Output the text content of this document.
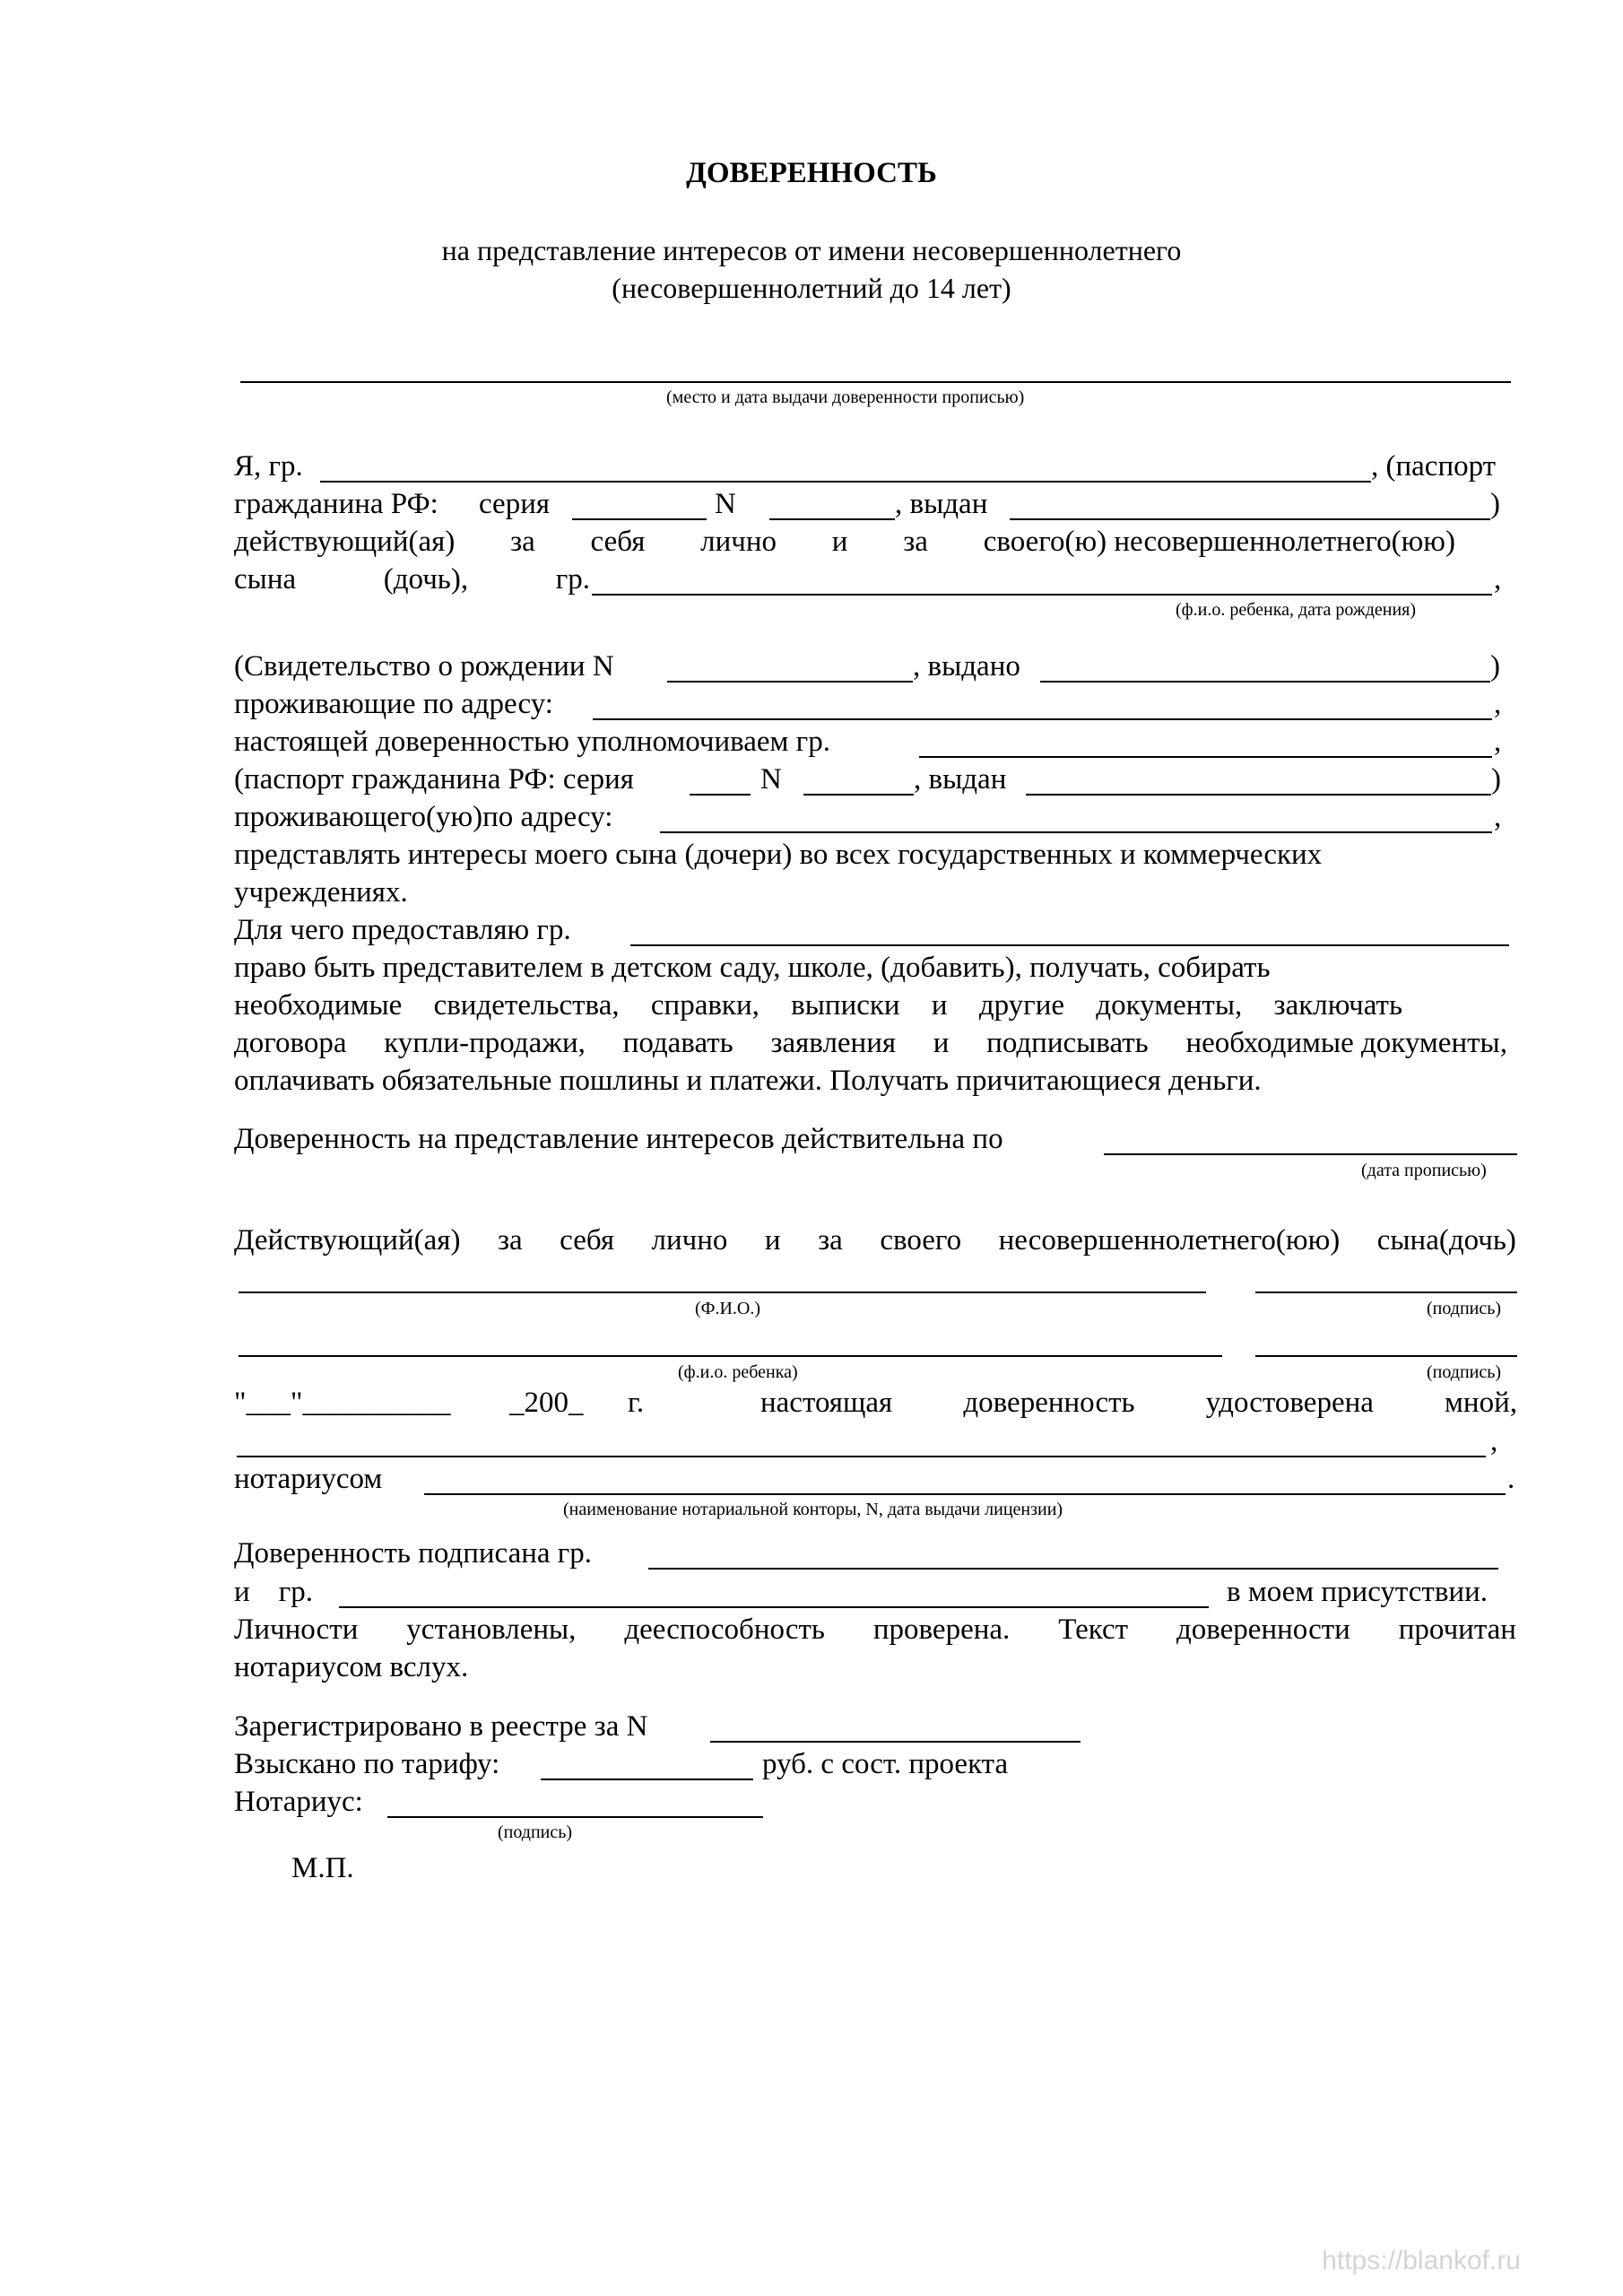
ДОВЕРЕННОСТЬ
на представление интересов от имени несовершеннолетнего
(несовершеннолетний до 14 лет)
(место и дата выдачи доверенности прописью)
Я, гр.	, (паспорт
гражданина РФ: серия	N	, выдан	)
действующий(ая) за себя лично и за своего(ю) несовершеннолетнего(юю)
сына	(дочь),	гр.	,
(ф.и.о. ребенка, дата рождения)
(Свидетельство о рождении N	, выдано	)
проживающие по адресу:	,
настоящей доверенностью уполномочиваем гр.	,
(паспорт гражданина РФ: серия	N	, выдан	)
проживающего(ую)по адресу:	,
представлять интересы моего сына (дочери) во всех государственных и коммерческих
учреждениях.
Для чего предоставляю гр.
право быть представителем в детском саду, школе, (добавить), получать, собирать
необходимые свидетельства, справки, выписки и другие документы, заключать
договора купли-продажи, подавать заявления и подписывать необходимые документы,
оплачивать обязательные пошлины и платежи. Получать причитающиеся деньги.
Доверенность на представление интересов действительна по
(дата прописью)
Действующий(ая) за себя лично и за своего несовершеннолетнего(юю) сына(дочь)
(Ф.И.О.)	(подпись)
(ф.и.о. ребенка)	(подпись)
"___"__________ _200_ г.	настоящая доверенность удостоверена мной,
,
нотариусом	.
(наименование нотариальной конторы, N, дата выдачи лицензии)
Доверенность подписана гр.
и гр.	в моем присутствии.
Личности установлены, дееспособность проверена. Текст доверенности прочитан
нотариусом вслух.
Зарегистрировано в реестре за N
Взыскано по тарифу:	руб. с сост. проекта
Нотариус:
(подпись)
М.П.
https://blankof.ru
